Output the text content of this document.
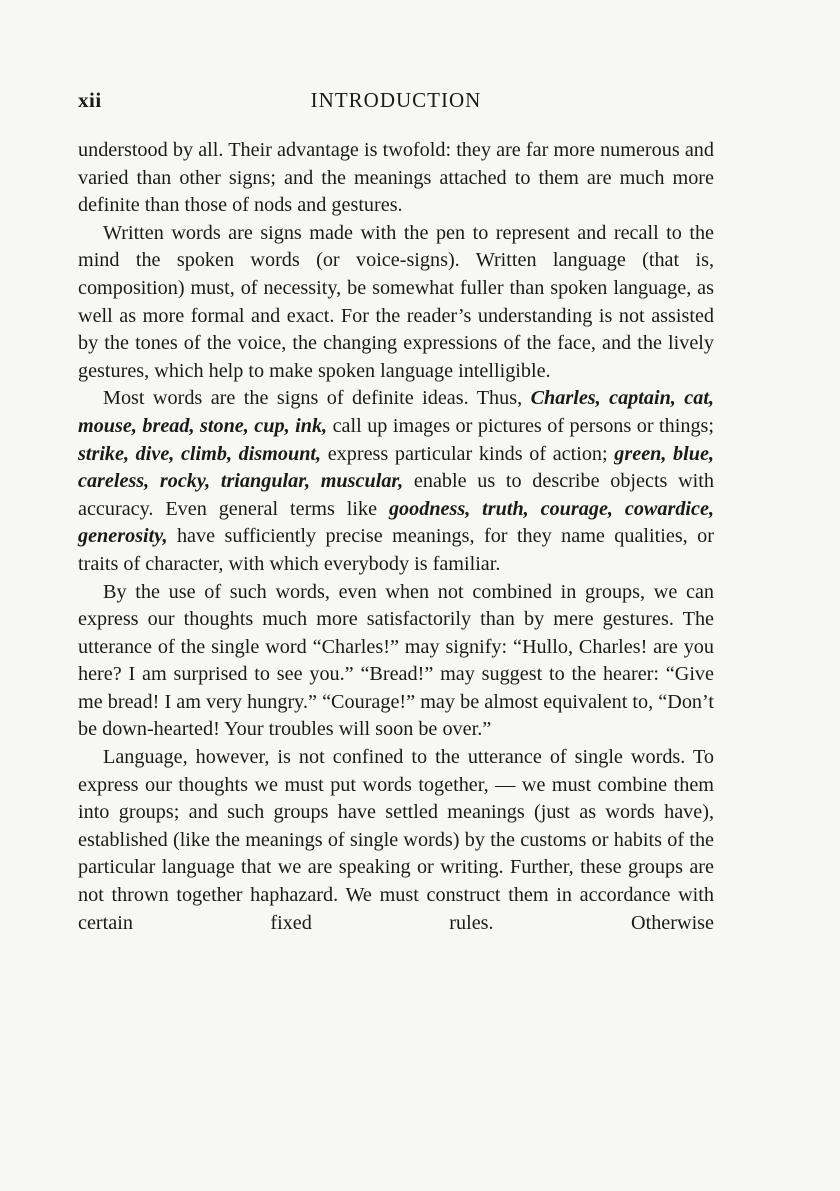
xii	INTRODUCTION

understood by all. Their advantage is twofold: they are far more numerous and varied than other signs; and the meanings attached to them are much more definite than those of nods and gestures.

Written words are signs made with the pen to represent and recall to the mind the spoken words (or voice-signs). Written language (that is, composition) must, of necessity, be somewhat fuller than spoken language, as well as more formal and exact. For the reader’s understanding is not assisted by the tones of the voice, the changing expressions of the face, and the lively gestures, which help to make spoken language intelligible.

Most words are the signs of definite ideas. Thus, Charles, captain, cat, mouse, bread, stone, cup, ink, call up images or pictures of persons or things; strike, dive, climb, dismount, express particular kinds of action; green, blue, careless, rocky, triangular, muscular, enable us to describe objects with accuracy. Even general terms like goodness, truth, courage, cowardice, generosity, have sufficiently precise meanings, for they name qualities, or traits of character, with which everybody is familiar.

By the use of such words, even when not combined in groups, we can express our thoughts much more satisfactorily than by mere gestures. The utterance of the single word “Charles!” may signify: “Hullo, Charles! are you here? I am surprised to see you.” “Bread!” may suggest to the hearer: “Give me bread! I am very hungry.” “Courage!” may be almost equivalent to, “Don’t be down-hearted! Your troubles will soon be over.”

Language, however, is not confined to the utterance of single words. To express our thoughts we must put words together, — we must combine them into groups; and such groups have settled meanings (just as words have), established (like the meanings of single words) by the customs or habits of the particular language that we are speaking or writing. Further, these groups are not thrown together haphazard. We must construct them in accordance with certain fixed rules. Otherwise
